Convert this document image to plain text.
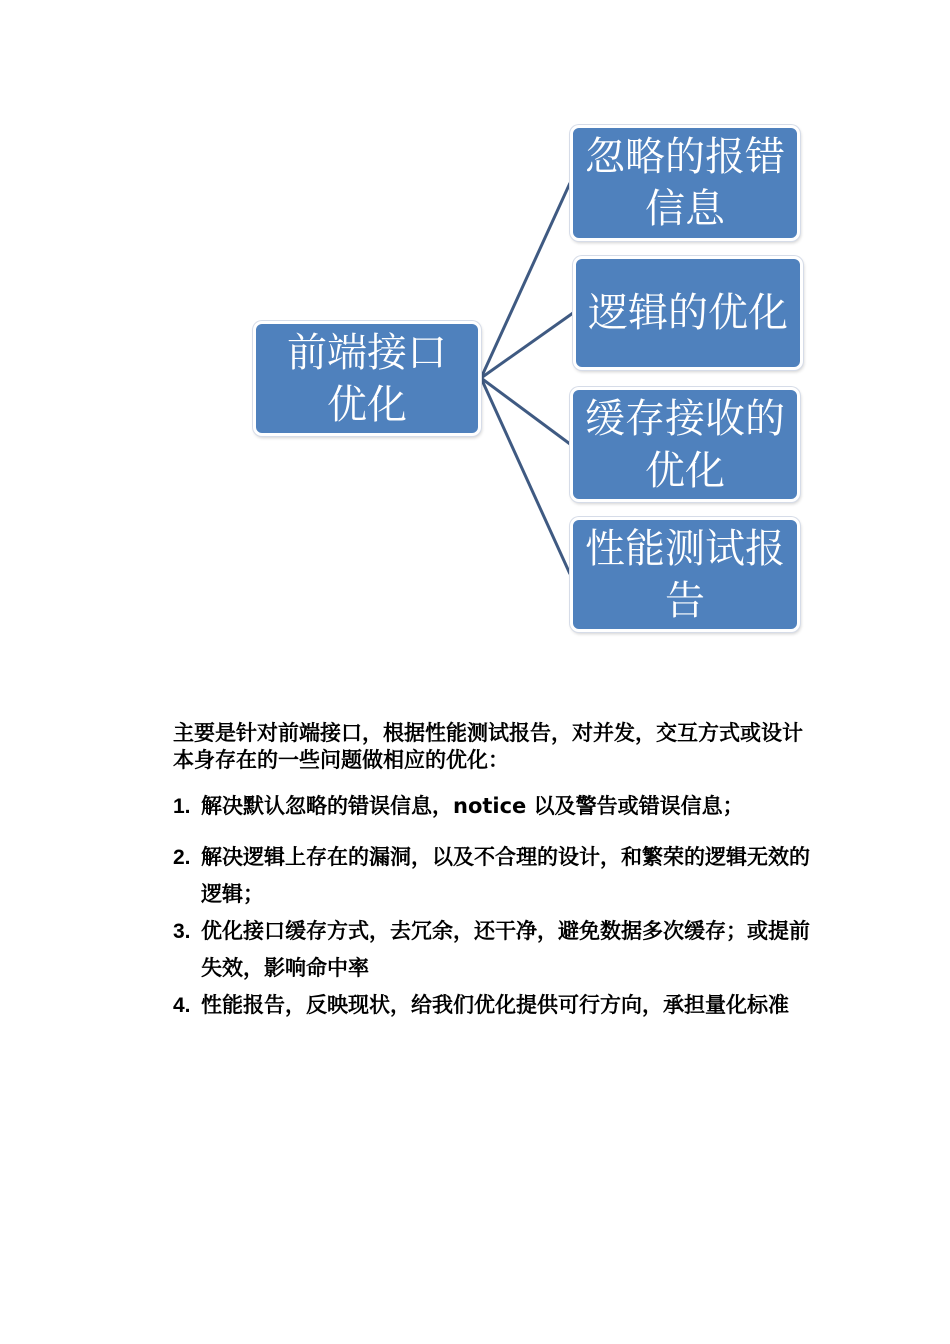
前端接口优化
忽略的报错信息
逻辑的优化
缓存接收的优化
性能测试报告

主要是针对前端接口，根据性能测试报告，对并发，交互方式或设计本身存在的一些问题做相应的优化：

1. 解决默认忽略的错误信息，notice 以及警告或错误信息；
2. 解决逻辑上存在的漏洞，以及不合理的设计，和繁荣的逻辑无效的逻辑；
3. 优化接口缓存方式，去冗余，还干净，避免数据多次缓存；或提前失效，影响命中率
4. 性能报告，反映现状，给我们优化提供可行方向，承担量化标准
